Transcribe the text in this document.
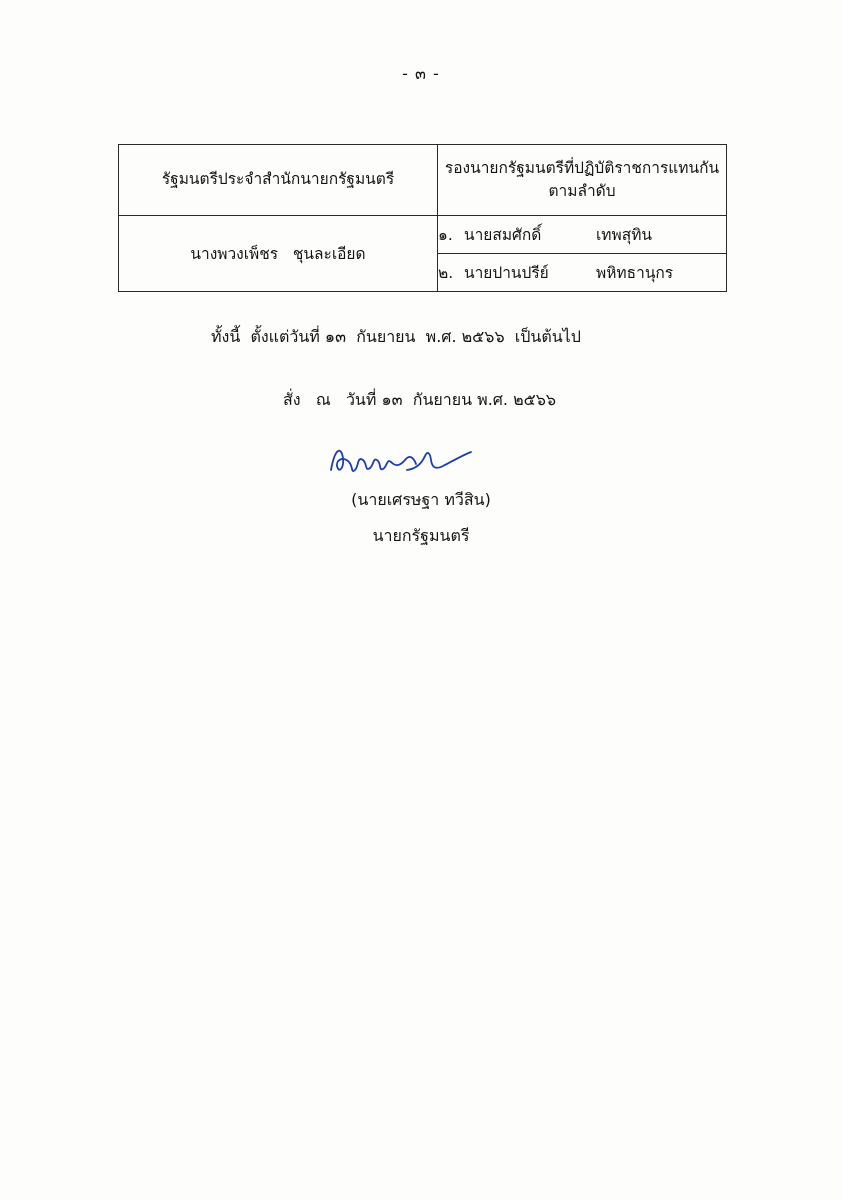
- ๓ -
รัฐมนตรีประจำสำนักนายกรัฐมนตรี	รองนายกรัฐมนตรีที่ปฏิบัติราชการแทนกัน
ตามลำดับ

นางพวงเพ็ชร   ชุนละเอียด	๑. นายสมศักดิ์ เทพสุทิน

	๒. นายปานปรีย์ พหิทธานุกร
ทั้งนี้  ตั้งแต่วันที่ ๑๓  กันยายน  พ.ศ. ๒๕๖๖  เป็นต้นไป
สั่ง   ณ   วันที่ ๑๓  กันยายน พ.ศ. ๒๕๖๖
(นายเศรษฐา ทวีสิน)
นายกรัฐมนตรี
